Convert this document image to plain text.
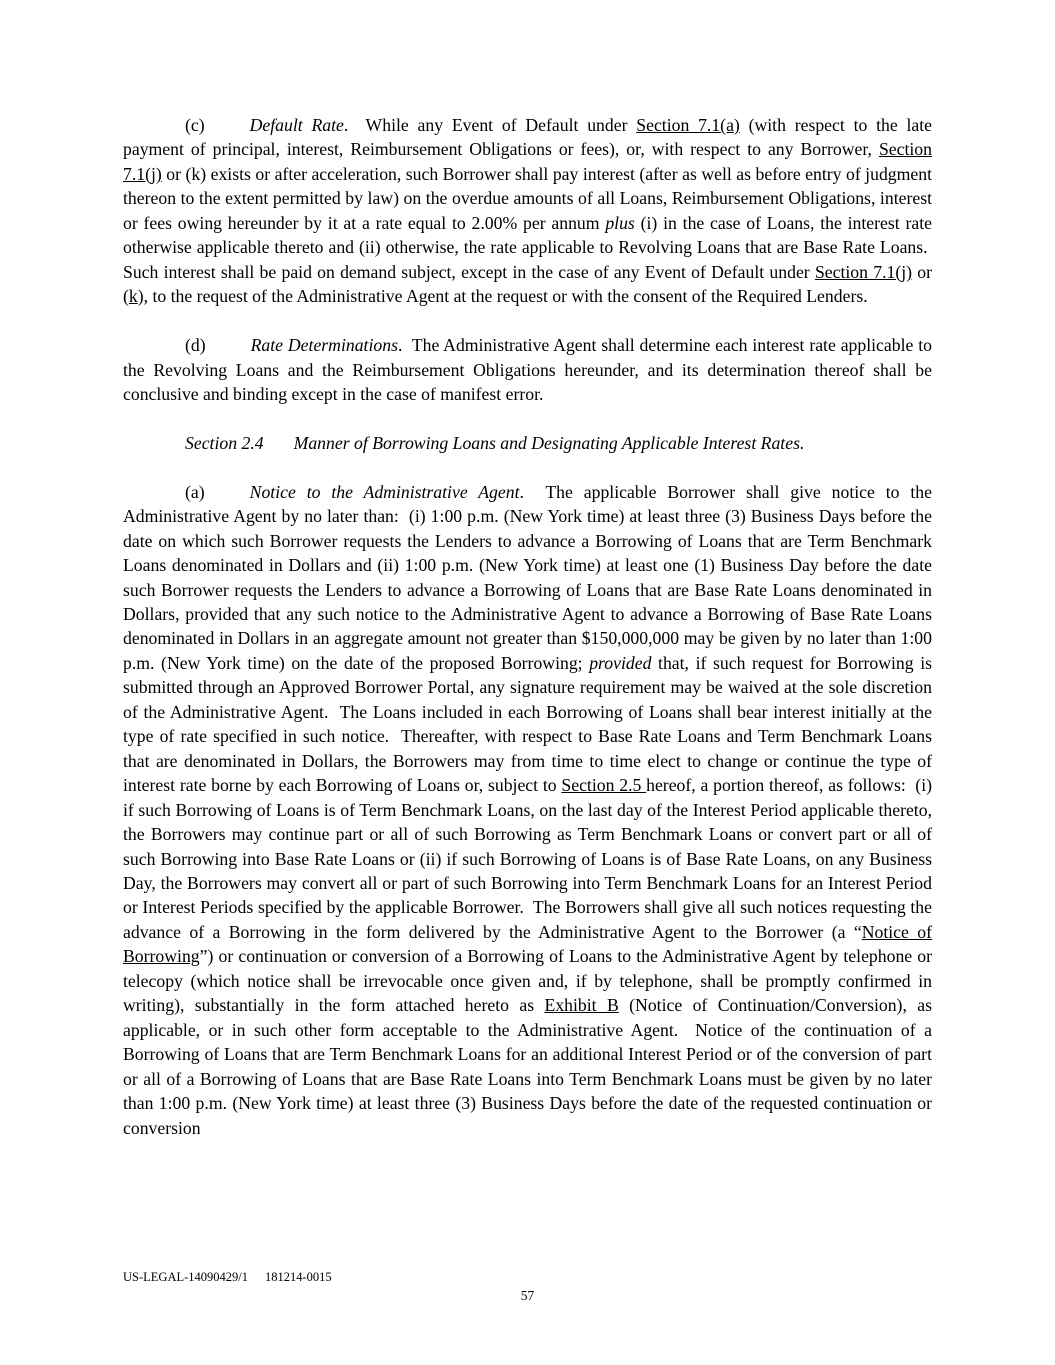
(c)	Default Rate.  While any Event of Default under Section 7.1(a) (with respect to the late payment of principal, interest, Reimbursement Obligations or fees), or, with respect to any Borrower, Section 7.1(j) or (k) exists or after acceleration, such Borrower shall pay interest (after as well as before entry of judgment thereon to the extent permitted by law) on the overdue amounts of all Loans, Reimbursement Obligations, interest or fees owing hereunder by it at a rate equal to 2.00% per annum plus (i) in the case of Loans, the interest rate otherwise applicable thereto and (ii) otherwise, the rate applicable to Revolving Loans that are Base Rate Loans.  Such interest shall be paid on demand subject, except in the case of any Event of Default under Section 7.1(j) or (k), to the request of the Administrative Agent at the request or with the consent of the Required Lenders.

(d)	Rate Determinations.  The Administrative Agent shall determine each interest rate applicable to the Revolving Loans and the Reimbursement Obligations hereunder, and its determination thereof shall be conclusive and binding except in the case of manifest error.

Section 2.4 Manner of Borrowing Loans and Designating Applicable Interest Rates.

(a)	Notice to the Administrative Agent.  The applicable Borrower shall give notice to the Administrative Agent by no later than:  (i) 1:00 p.m. (New York time) at least three (3) Business Days before the date on which such Borrower requests the Lenders to advance a Borrowing of Loans that are Term Benchmark Loans denominated in Dollars and (ii) 1:00 p.m. (New York time) at least one (1) Business Day before the date such Borrower requests the Lenders to advance a Borrowing of Loans that are Base Rate Loans denominated in Dollars, provided that any such notice to the Administrative Agent to advance a Borrowing of Base Rate Loans denominated in Dollars in an aggregate amount not greater than $150,000,000 may be given by no later than 1:00 p.m. (New York time) on the date of the proposed Borrowing; provided that, if such request for Borrowing is submitted through an Approved Borrower Portal, any signature requirement may be waived at the sole discretion of the Administrative Agent.  The Loans included in each Borrowing of Loans shall bear interest initially at the type of rate specified in such notice.  Thereafter, with respect to Base Rate Loans and Term Benchmark Loans that are denominated in Dollars, the Borrowers may from time to time elect to change or continue the type of interest rate borne by each Borrowing of Loans or, subject to Section 2.5 hereof, a portion thereof, as follows:  (i) if such Borrowing of Loans is of Term Benchmark Loans, on the last day of the Interest Period applicable thereto, the Borrowers may continue part or all of such Borrowing as Term Benchmark Loans or convert part or all of such Borrowing into Base Rate Loans or (ii) if such Borrowing of Loans is of Base Rate Loans, on any Business Day, the Borrowers may convert all or part of such Borrowing into Term Benchmark Loans for an Interest Period or Interest Periods specified by the applicable Borrower.  The Borrowers shall give all such notices requesting the advance of a Borrowing in the form delivered by the Administrative Agent to the Borrower (a “Notice of Borrowing”) or continuation or conversion of a Borrowing of Loans to the Administrative Agent by telephone or telecopy (which notice shall be irrevocable once given and, if by telephone, shall be promptly confirmed in writing), substantially in the form attached hereto as Exhibit B (Notice of Continuation/Conversion), as applicable, or in such other form acceptable to the Administrative Agent.  Notice of the continuation of a Borrowing of Loans that are Term Benchmark Loans for an additional Interest Period or of the conversion of part or all of a Borrowing of Loans that are Base Rate Loans into Term Benchmark Loans must be given by no later than 1:00 p.m. (New York time) at least three (3) Business Days before the date of the requested continuation or conversion

US-LEGAL-14090429/1 181214-0015
57
